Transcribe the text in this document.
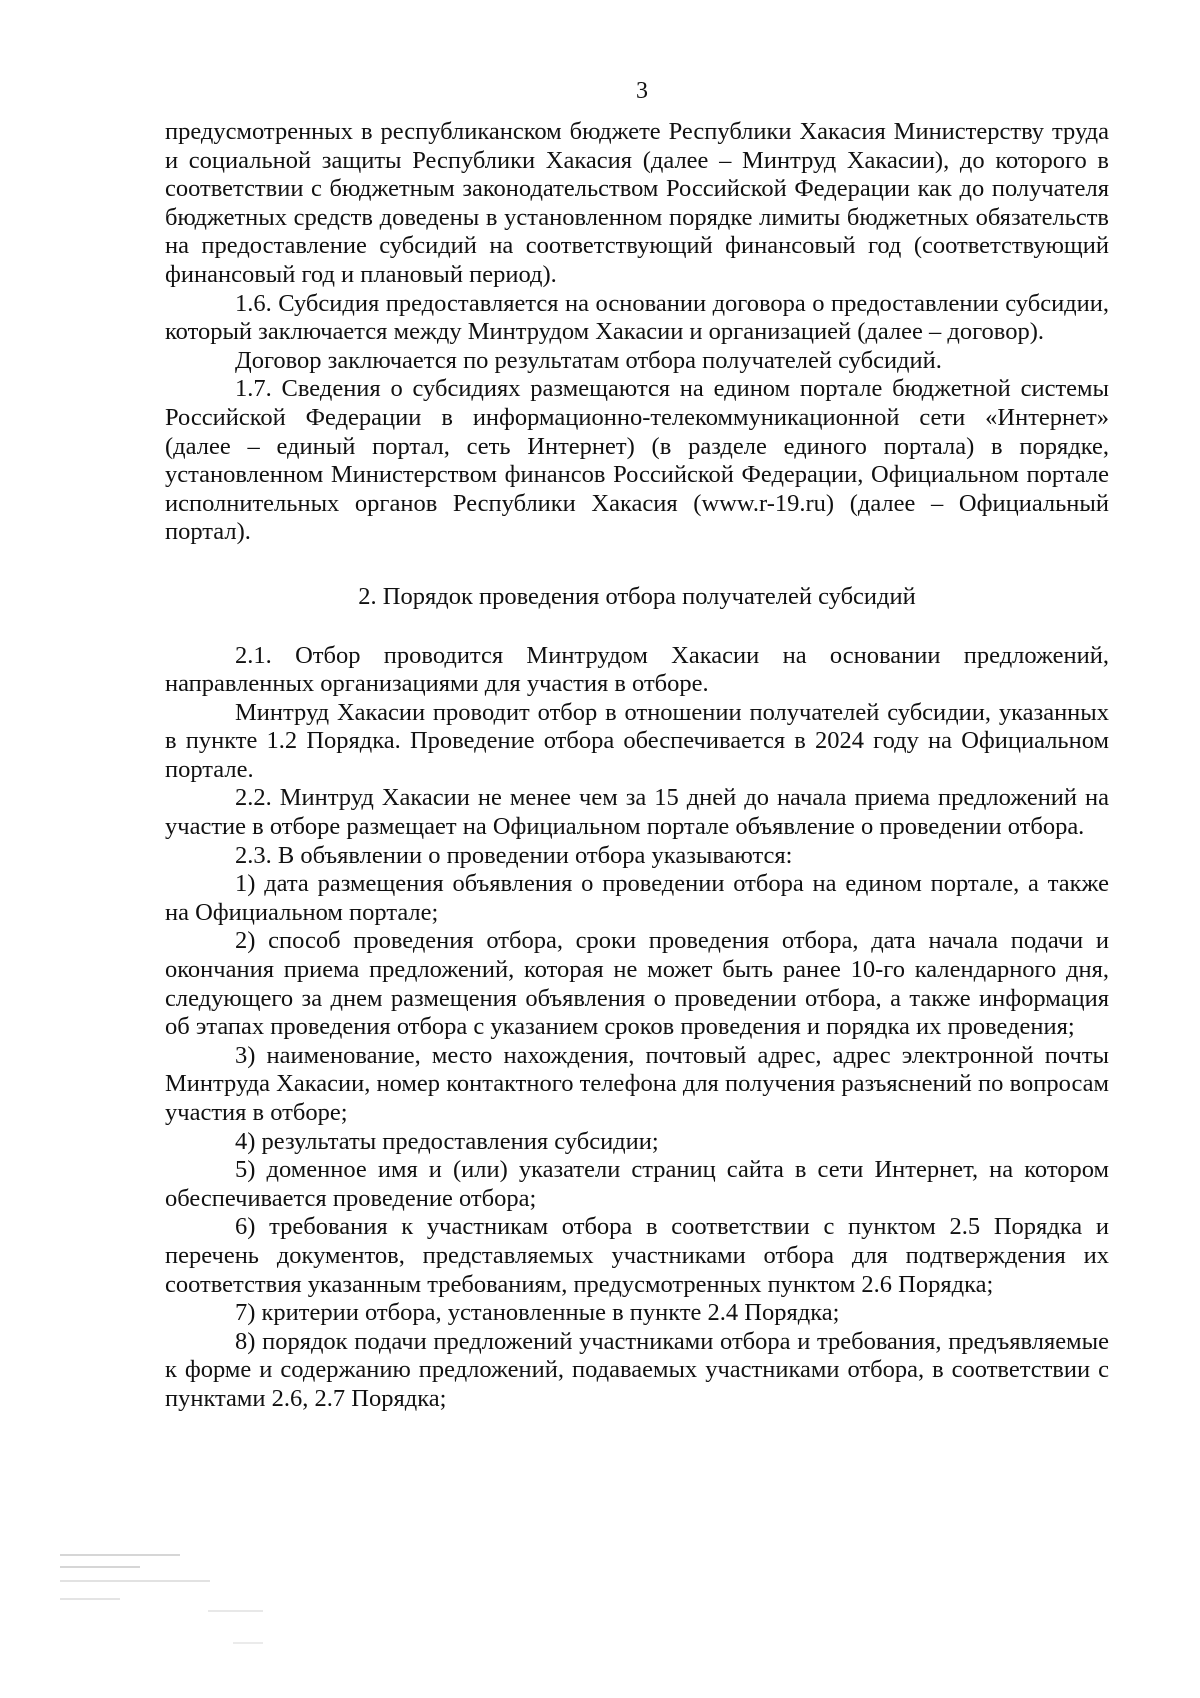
3

предусмотренных в республиканском бюджете Республики Хакасия Министерству труда и социальной защиты Республики Хакасия (далее – Минтруд Хакасии), до которого в соответствии с бюджетным законодательством Российской Федерации как до получателя бюджетных средств доведены в установленном порядке лимиты бюджетных обязательств на предоставление субсидий на соответствующий финансовый год (соответствующий финансовый год и плановый период).

1.6. Субсидия предоставляется на основании договора о предоставлении субсидии, который заключается между Минтрудом Хакасии и организацией (далее – договор).

Договор заключается по результатам отбора получателей субсидий.

1.7. Сведения о субсидиях размещаются на едином портале бюджетной системы Российской Федерации в информационно-телекоммуникационной сети «Интернет» (далее – единый портал, сеть Интернет) (в разделе единого портала) в порядке, установленном Министерством финансов Российской Федерации, Официальном портале исполнительных органов Республики Хакасия (www.r-19.ru) (далее – Официальный портал).

2. Порядок проведения отбора получателей субсидий

2.1. Отбор проводится Минтрудом Хакасии на основании предложений, направленных организациями для участия в отборе.

Минтруд Хакасии проводит отбор в отношении получателей субсидии, указанных в пункте 1.2 Порядка. Проведение отбора обеспечивается в 2024 году на Официальном портале.

2.2. Минтруд Хакасии не менее чем за 15 дней до начала приема предложений на участие в отборе размещает на Официальном портале объявление о проведении отбора.

2.3. В объявлении о проведении отбора указываются:

1) дата размещения объявления о проведении отбора на едином портале, а также на Официальном портале;

2) способ проведения отбора, сроки проведения отбора, дата начала подачи и окончания приема предложений, которая не может быть ранее 10-го календарного дня, следующего за днем размещения объявления о проведении отбора, а также информация об этапах проведения отбора с указанием сроков проведения и порядка их проведения;

3) наименование, место нахождения, почтовый адрес, адрес электронной почты Минтруда Хакасии, номер контактного телефона для получения разъяснений по вопросам участия в отборе;

4) результаты предоставления субсидии;

5) доменное имя и (или) указатели страниц сайта в сети Интернет, на котором обеспечивается проведение отбора;

6) требования к участникам отбора в соответствии с пунктом 2.5 Порядка и перечень документов, представляемых участниками отбора для подтверждения их соответствия указанным требованиям, предусмотренных пунктом 2.6 Порядка;

7) критерии отбора, установленные в пункте 2.4 Порядка;

8) порядок подачи предложений участниками отбора и требования, предъявляемые к форме и содержанию предложений, подаваемых участниками отбора, в соответствии с пунктами 2.6, 2.7 Порядка;
